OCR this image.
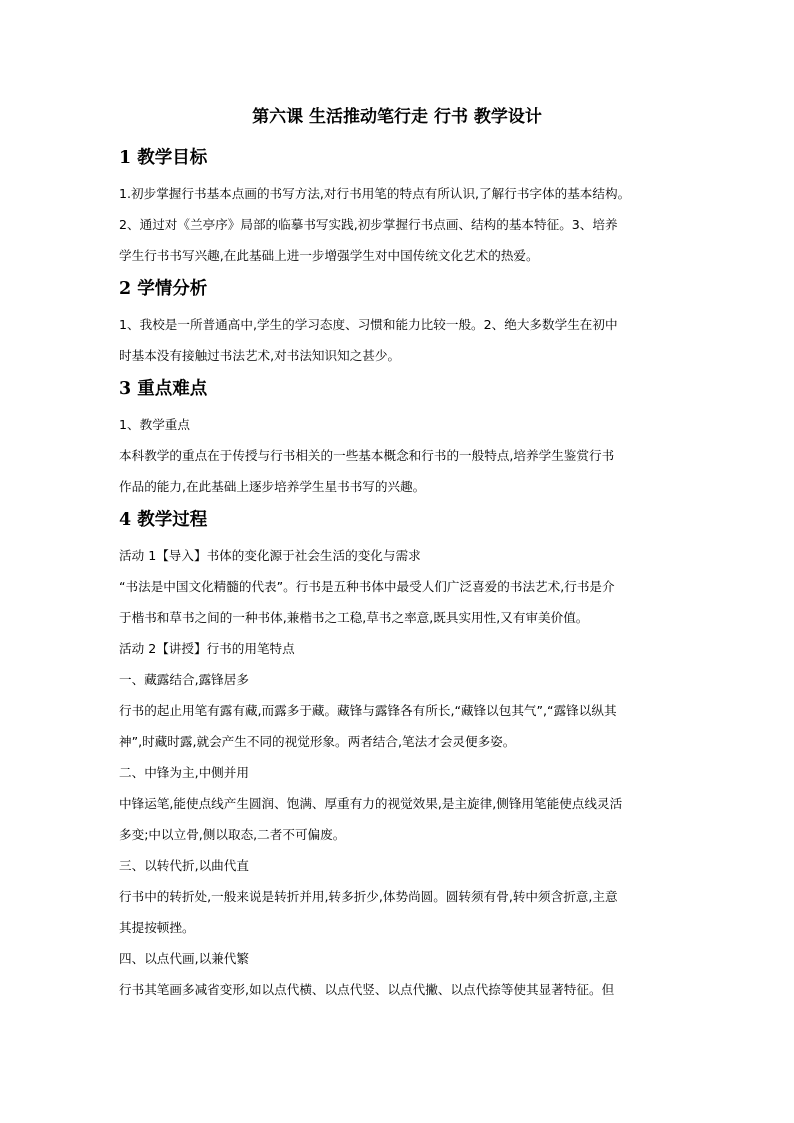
第六课 生活推动笔行走 行书 教学设计
1 教学目标
1.初步掌握行书基本点画的书写方法,对行书用笔的特点有所认识,了解行书字体的基本结构。
2、通过对《兰亭序》局部的临摹书写实践,初步掌握行书点画、结构的基本特征。3、培养
学生行书书写兴趣,在此基础上进一步增强学生对中国传统文化艺术的热爱。
2 学情分析
1、我校是一所普通高中,学生的学习态度、习惯和能力比较一般。2、绝大多数学生在初中
时基本没有接触过书法艺术,对书法知识知之甚少。
3 重点难点
1、教学重点
本科教学的重点在于传授与行书相关的一些基本概念和行书的一般特点,培养学生鉴赏行书
作品的能力,在此基础上逐步培养学生星书书写的兴趣。
4 教学过程
活动 1【导入】书体的变化源于社会生活的变化与需求
“书法是中国文化精髓的代表”。行书是五种书体中最受人们广泛喜爱的书法艺术,行书是介
于楷书和草书之间的一种书体,兼楷书之工稳,草书之率意,既具实用性,又有审美价值。
活动 2【讲授】行书的用笔特点
一、藏露结合,露锋居多
行书的起止用笔有露有藏,而露多于藏。藏锋与露锋各有所长,“藏锋以包其气”,“露锋以纵其
神”,时藏时露,就会产生不同的视觉形象。两者结合,笔法才会灵便多姿。
二、中锋为主,中侧并用
中锋运笔,能使点线产生圆润、饱满、厚重有力的视觉效果,是主旋律,侧锋用笔能使点线灵活
多变;中以立骨,侧以取态,二者不可偏废。
三、以转代折,以曲代直
行书中的转折处,一般来说是转折并用,转多折少,体势尚圆。圆转须有骨,转中须含折意,主意
其提按顿挫。
四、以点代画,以兼代繁
行书其笔画多减省变形,如以点代横、以点代竖、以点代撇、以点代捺等使其显著特征。但
